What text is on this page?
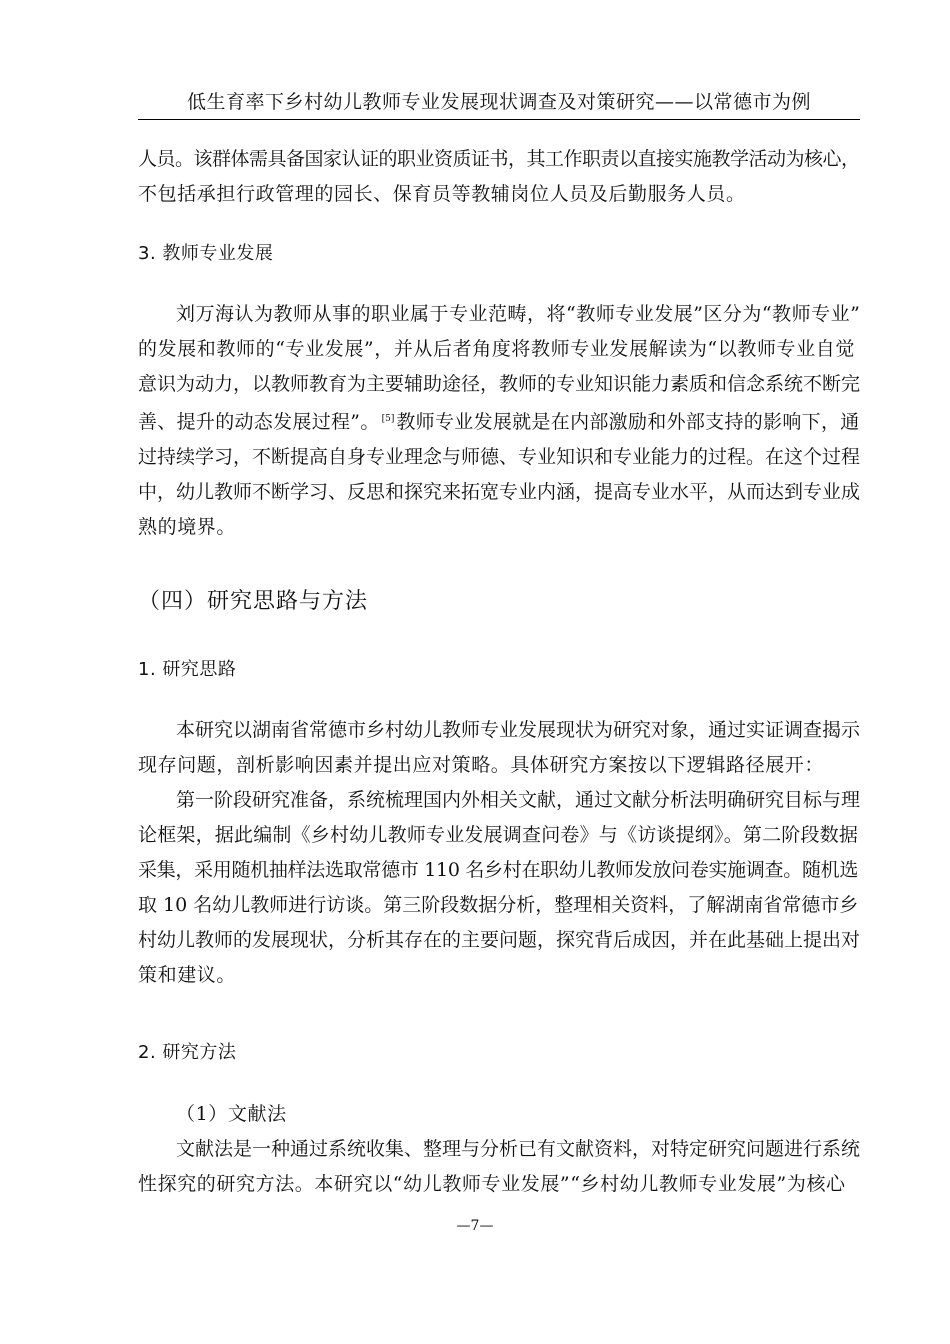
低生育率下乡村幼儿教师专业发展现状调查及对策研究——以常德市为例
人员。该群体需具备国家认证的职业资质证书，其工作职责以直接实施教学活动为核心，
不包括承担行政管理的园长、保育员等教辅岗位人员及后勤服务人员。
3. 教师专业发展
刘万海认为教师从事的职业属于专业范畴，将“教师专业发展”区分为“教师专业”
的发展和教师的“专业发展”，并从后者角度将教师专业发展解读为“以教师专业自觉
意识为动力，以教师教育为主要辅助途径，教师的专业知识能力素质和信念系统不断完
善、提升的动态发展过程”。 [5] 教师专业发展就是在内部激励和外部支持的影响下，通
过持续学习，不断提高自身专业理念与师德、专业知识和专业能力的过程。在这个过程
中，幼儿教师不断学习、反思和探究来拓宽专业内涵，提高专业水平，从而达到专业成
熟的境界。
（四）研究思路与方法
1. 研究思路
本研究以湖南省常德市乡村幼儿教师专业发展现状为研究对象，通过实证调查揭示
现存问题，剖析影响因素并提出应对策略。具体研究方案按以下逻辑路径展开：
第一阶段研究准备，系统梳理国内外相关文献，通过文献分析法明确研究目标与理
论框架，据此编制《乡村幼儿教师专业发展调查问卷》与《访谈提纲》。第二阶段数据
采集，采用随机抽样法选取常德市 110 名乡村在职幼儿教师发放问卷实施调查。随机选
取 10 名幼儿教师进行访谈。第三阶段数据分析，整理相关资料，了解湖南省常德市乡
村幼儿教师的发展现状，分析其存在的主要问题，探究背后成因，并在此基础上提出对
策和建议。
2. 研究方法
（1）文献法
文献法是一种通过系统收集、整理与分析已有文献资料，对特定研究问题进行系统
性探究的研究方法。本研究以“幼儿教师专业发展”“乡村幼儿教师专业发展”为核心
—7—
